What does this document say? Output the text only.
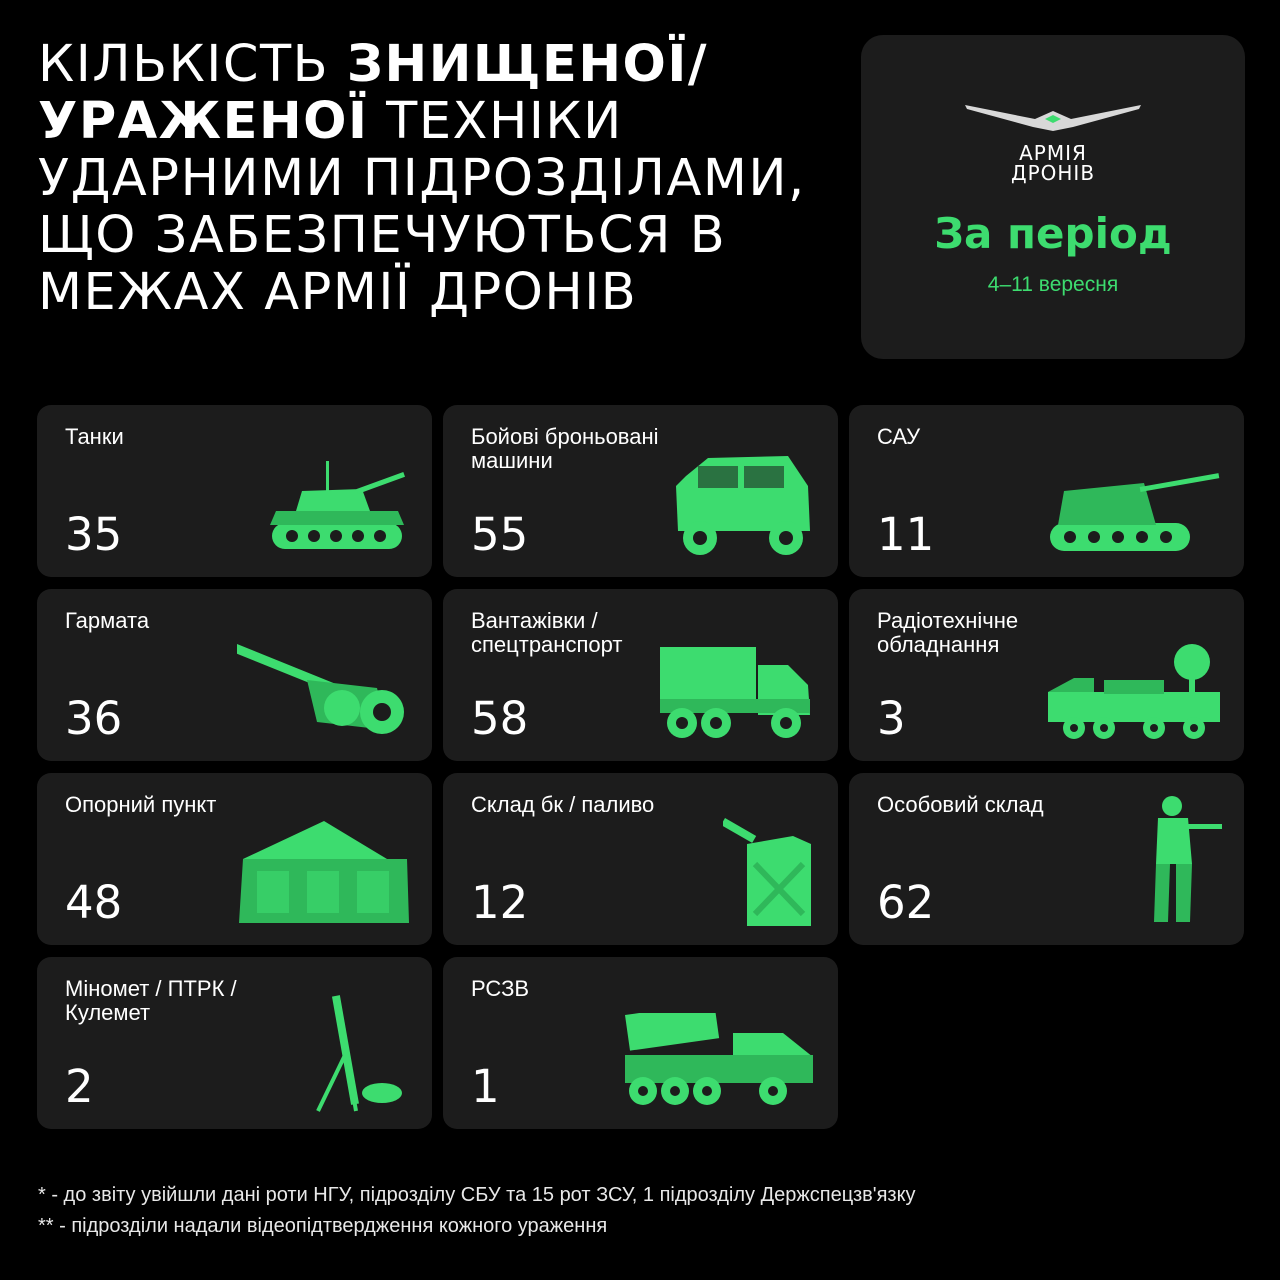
КІЛЬКІСТЬ ЗНИЩЕНОЇ/
УРАЖЕНОЇ ТЕХНІКИ УДАРНИМИ ПІДРОЗДІЛАМИ, ЩО ЗАБЕЗПЕЧУЮТЬСЯ В МЕЖАХ АРМІЇ ДРОНІВ
АРМІЯ
ДРОНІВ
За період
4–11 вересня
Танки
35
Бойові броньовані машини
55
САУ
11
Гармата
36
Вантажівки / спецтранспорт
58
Радіотехнічне обладнання
3
Опорний пункт
48
Склад бк / паливо
12
Особовий склад
62
Міномет / ПТРК /Кулемет
2
РСЗВ
1
* - до звіту увійшли дані роти НГУ, підрозділу СБУ та 15 рот ЗСУ, 1 підрозділу Держспецзв'язку
** - підрозділи надали відеопідтвердження кожного ураження
